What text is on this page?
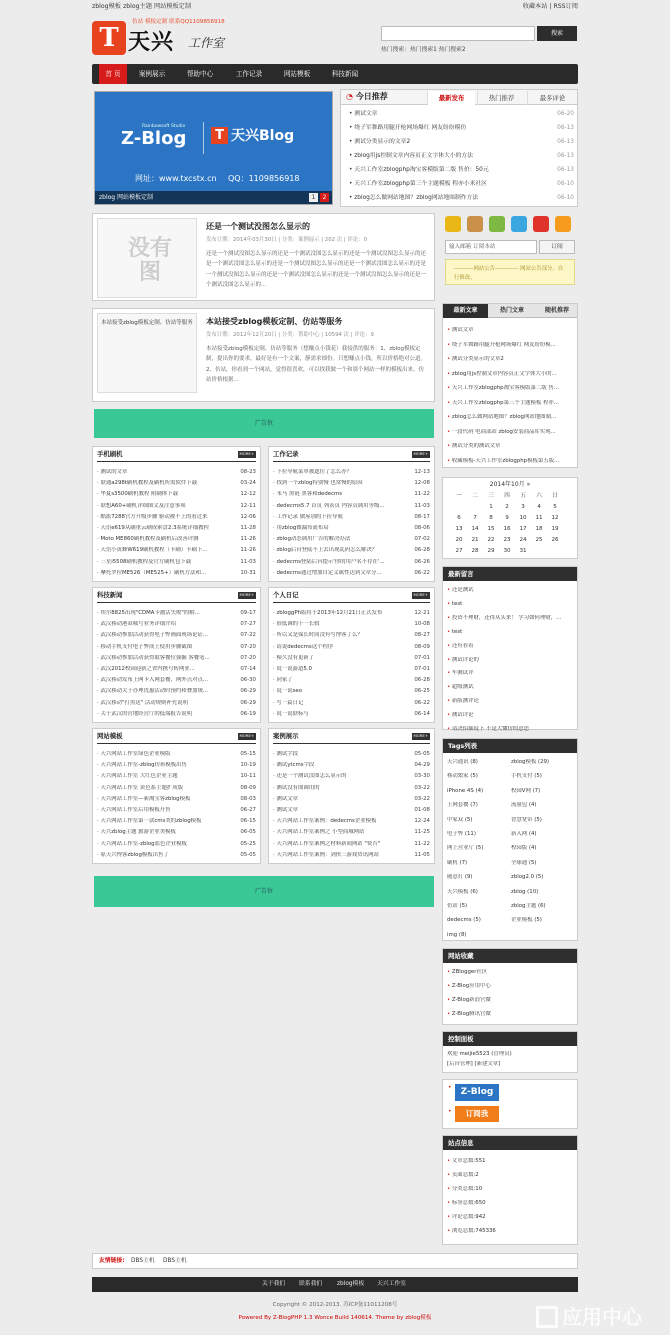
zblog模板 zblog主题 网站模板定制	收藏本站 | RSS订阅
T 天兴 工作室
仿站 模板定制 联系QQ1109856918
搜索
热门搜索：热门搜索1 热门搜索2
首 页	案例展示	帮助中心	工作记录	网站模板	科技新闻
Rainbowsoft Studio
Z-Blog	T 天兴Blog
网址：www.txcstx.cn QQ：1109856918
zblog 网站模板定制	1	2
◔ 今日推荐	最新发布	热门推荐	最多评论
• 测试文章	06-20
• 绕子军舞路用腿开枪网场爆红 网友纷纷模仿	06-13
• 测试分类显示的文章2	06-13
• zblog用js控制文章内容页正文字体大小的方法	06-13
• 天兴工作室zblogphp淘宝客模版第二版 售价：50元	06-13
• 天兴工作室zblogphp第三个主题模板 程亦小米社区	06-10
• zblog怎么做网站地图？zblog网站地图制作方法	06-10
没有图
还是一个测试没图怎么显示的
发布日期：2014年03月30日 | 分类：案例展示 | 202 次 | 评论：0
还是一个测试没图怎么显示的还是一个测试没图怎么显示的还是一个测试没图怎么显示的还是一个测试没图怎么显示的还是一个测试没图怎么显示的还是一个测试没图怎么显示的还是一个测试没图怎么显示的还是一个测试没图怎么显示的还是一个测试没图怎么显示的还是一个测试没图怎么显示的...
本站接受zblog模板定制、仿站等服务 本站接受zblog模板定制、仿站等服务
发布日期：2012年12月20日 | 分类：帮助中心 | 10594 次 | 评论：9
本站接受zblog模板定制、仿站等服务（想赚点小钱花）我接供的服务：1、zblog模板定制，提出你的要求，最好是有一个文案，静需求细份。只想赚点小钱，所以价格绝对公道。2、仿站，你看到一个网站，觉得很喜欢，可以找我做一个和那个网站一样的模板出来。仿站价格根据...
广告位
手机刷机	MORE+
· 测试的文章	08-23
· 联通a298t刷机教程及刷机所需软件下载	03-24
· 华夏s3500刷机教程 附刷体下载	12-12
· 联想A60+刷机详细图文及注意事项	12-11
· 酷派7288官方升级步骤 驱动被不上的看过来	12-06
· 天语e619从刷重云刷成索盘2.3系统详细教程	11-28
· Moto ME860刷机教程及刷机后改善评测	11-26
· 天语小黄蜂W619刷机教程（卡刷）卡刷下...	11-26
· 三星i5508刷机教程及官方刷机包下载	11-03
· 摩托罗拉ME526（ME525+）刷机方法和...	10-31
工作记录	MORE+
· 下拉导航菜单被遮住了怎么办？	12-13
· 找到一个zblog特别慢 也常慢的原因	12-08
· 末马 黑链 黑客和dedecms	11-22
· dedecms5.7 首页 列表页 内容页调用等级...	11-03
· 工作记录 做屋别的下拉导航	08-17
· 用zblog做漏布流布局	08-06
· zblog动态调用广告的解决办法	07-02
· zblog后台登陆不上去出现乱码怎么解决？	06-28
· dedecms登陆后台提示'你的用户名不存在'...	06-26
· dedecms通过增加自定义属性达到文章分...	06-22
科技新闻	MORE+
· 埃尔8825出现"CDMA卡激活失败"的解...	09-17
· 武汉移动港双城号业务详细介绍	07-27
· 武汉移动参加活动获得电子弊画面现场论证...	07-22
· 移动手机支付电子弊成上使用步骤截图	07-20
· 武汉移动参加活动获得取客餐位强掘 客餐笔...	07-20
· 武汉2012校园迎新之省内携号转网业...	07-14
· 武汉移动发布上网卡入网套餐，网外点对点...	06-30
· 武汉移动关于办理优惠活动时预约和叠加规...	06-29
· 武汉移动"打黑送" 活动规则补充说明	06-29
· 关于武汉的营地经营厅的低端报告说明	06-19
个人日记	MORE+
· zbloggPh版将于2013年12月21日正式发布	12-21
· 很低调的十一长假	10-08
· 所以又是保长时间没有写博客了么？	08-27
· 请说dedecms这个程序	08-09
· 模久没有更新了	07-01
· 说一说游道5.0	07-01
· 同家了	06-28
· 说一说seo	06-25
· 写一篇日记	06-22
· 说一说联标与	06-14
网站模板	MORE+
· 天兴网站工作室绿色企业模版	05-15
· 天兴网站工作室-zblog仿蒋模板出售	10-19
· 天兴网站工作室 大红色企业主题	10-11
· 天兴网站工作室 黄色系主题扩成版	08-09
· 天兴网站工作室—新淘宝客zblog模板	08-03
· 天兴网站工作室后用模板开售	06-27
· 天兴网站工作室第一款cms类的zblog模板	06-15
· 天兴zblog主题 旅游企业类模板	06-05
· 天兴网站工作室-zblog蓝色企业模板	05-25
· 原天兴博客zblog模板出售了	05-05
案例展示	MORE+
· 测试字段	05-05
· 测试ytcms字段	04-29
· 还是一个测试没图怎么显示的	03-30
· 测试没有图调用的	03-22
· 测试文章	03-22
· 测试文章	01-08
· 天兴网站工作室案例：dedecms企业模板	12-24
· 天兴网站工作室案例之 小型商城网站	11-25
· 天兴网站工作室案例之材料新闻网站 "赞否"	11-22
· 天兴网站工作室案例：剑侠三游戏资讯网站	11-05
广告位
输入邮箱 订阅本站	订阅
----------网站公告------------ 网站公告部分，自行修改。
最新文章	热门文章	随机推荐
• 测试文章
• 绕子军舞路用腿开枪网场爆红 网友纷纷模...
• 测试分类显示的文章2
• zblog用js控制文章内容页正文字体大小的...
• 天兴工作室zblogphp淘宝客模版第二版 售...
• 天兴工作室zblogphp第三个主题模板 程亦...
• zblog怎么做网站地图？zblog网站地图制...
• 一段代码 电商部站 zblog安装商品库实现...
• 测试分类的测试文章
• 收藏模板-天兴工作室zblogphp模板第五版...
2014年10月 »
一	二	三	四	五	六	日
		1	2	3	4	5
6	7	8	9	10	11	12
13	14	15	16	17	18	19
20	21	22	23	24	25	26
27	28	29	30	31		
最新留言
• 还是测试
• test
• 投资不理财，还得从头来！ 学习如何理财，...
• test
• 还有看着
• 测试评论的
• 车测试评
• 超级测试
• 新版测评论
• 测试评论
• 请决招插说下 不是大懂仿的意思
Tags列表
天兴通讯 (8)	zblog模板 (29)
移动繁家 (5)	手机支付 (5)
iPhone 4S (4)	校园V网 (7)
上网套餐 (7)	流量包 (4)
中家双 (5)	智慧宽带 (5)
电子弊 (11)	新入网 (4)
网上营业厅 (5)	校园版 (4)
刷机 (7)	全球通 (5)
随意打 (9)	zblog2.0 (5)
天兴模板 (6)	zblog (10)
仿站 (5)	zblog主题 (6)
dedecms (5)	企业模板 (5)
img (8)
网站收藏
• ZBlogger社区
• Z-Blog应用中心
• Z-Blog新浪官微
• Z-Blog腾讯官微
控制面板
欢迎 meijie5523 (管理员)
[后台管理] [新建文章]
•	Z-Blog
•	订阅我
站点信息
• 文章总数:551
• 页面总数:2
• 分类总数:10
• 标签总数:650
• 评论总数:942
• 浏览总数:745336
友情链接: DBS主机 DBS主机
关于我们 联系我们	zblog模板 天兴工作室
Copyright © 2012-2013. 苏ICP备11011208号
Powered By Z-BlogPHP 1.3 Wonce Build 140614. Theme by zblog模板	应用中心
